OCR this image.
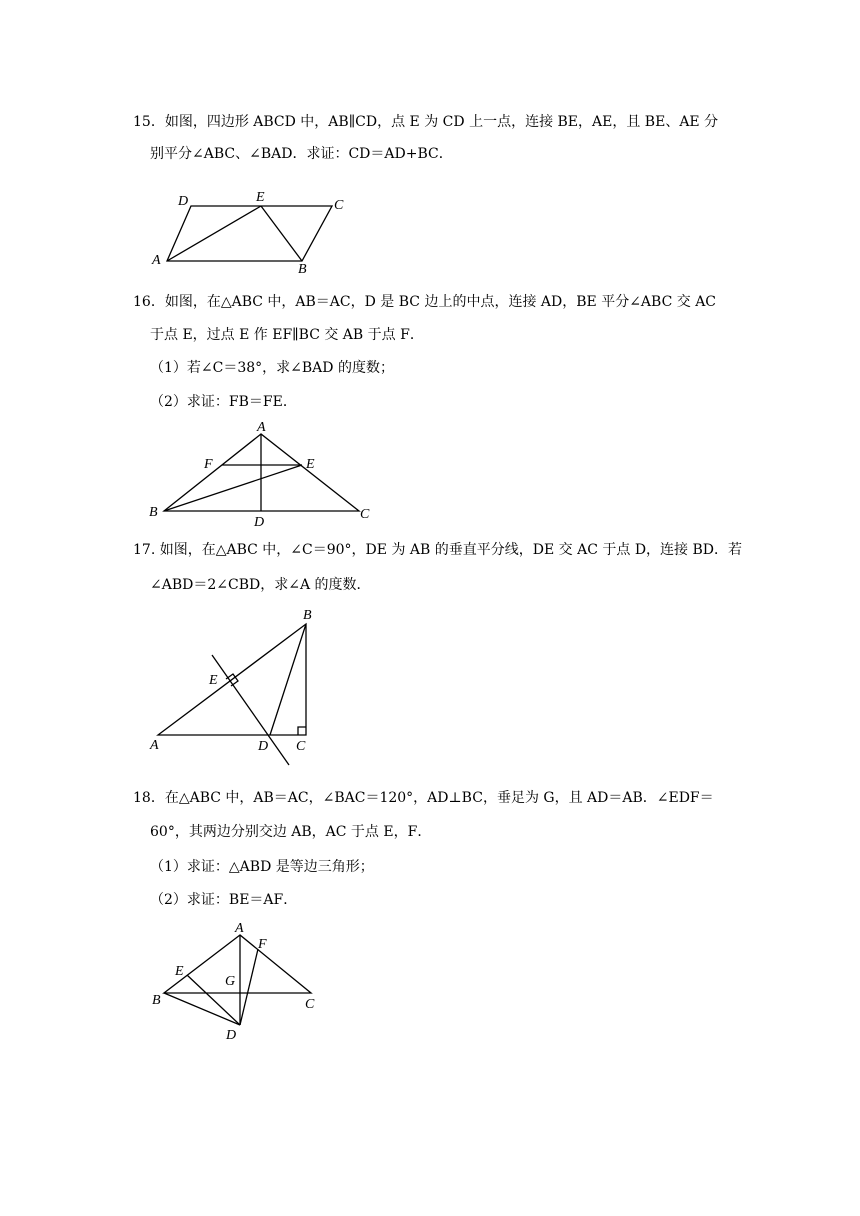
15．如图，四边形 ABCD 中，AB∥CD，点 E 为 CD 上一点，连接 BE，AE，且 BE、AE 分
别平分∠ABC、∠BAD．求证：CD＝AD+BC．
D	E
C
A
B
16．如图，在△ABC 中，AB＝AC，D 是 BC 边上的中点，连接 AD，BE 平分∠ABC 交 AC
于点 E，过点 E 作 EF∥BC 交 AB 于点 F．
（1）若∠C＝38°，求∠BAD 的度数；
（2）求证：FB＝FE．
A
F	E
B
D
C
17. 如图，在△ABC 中，∠C＝90°，DE 为 AB 的垂直平分线，DE 交 AC 于点 D，连接 BD．若
∠ABD＝2∠CBD，求∠A 的度数．
B
E
A	D C
18．在△ABC 中，AB＝AC，∠BAC＝120°，AD⊥BC，垂足为 G，且 AD＝AB．∠EDF＝
60°，其两边分别交边 AB，AC 于点 E，F．
（1）求证：△ABD 是等边三角形；
（2）求证：BE＝AF．
A
F
E
G
B	C
D
